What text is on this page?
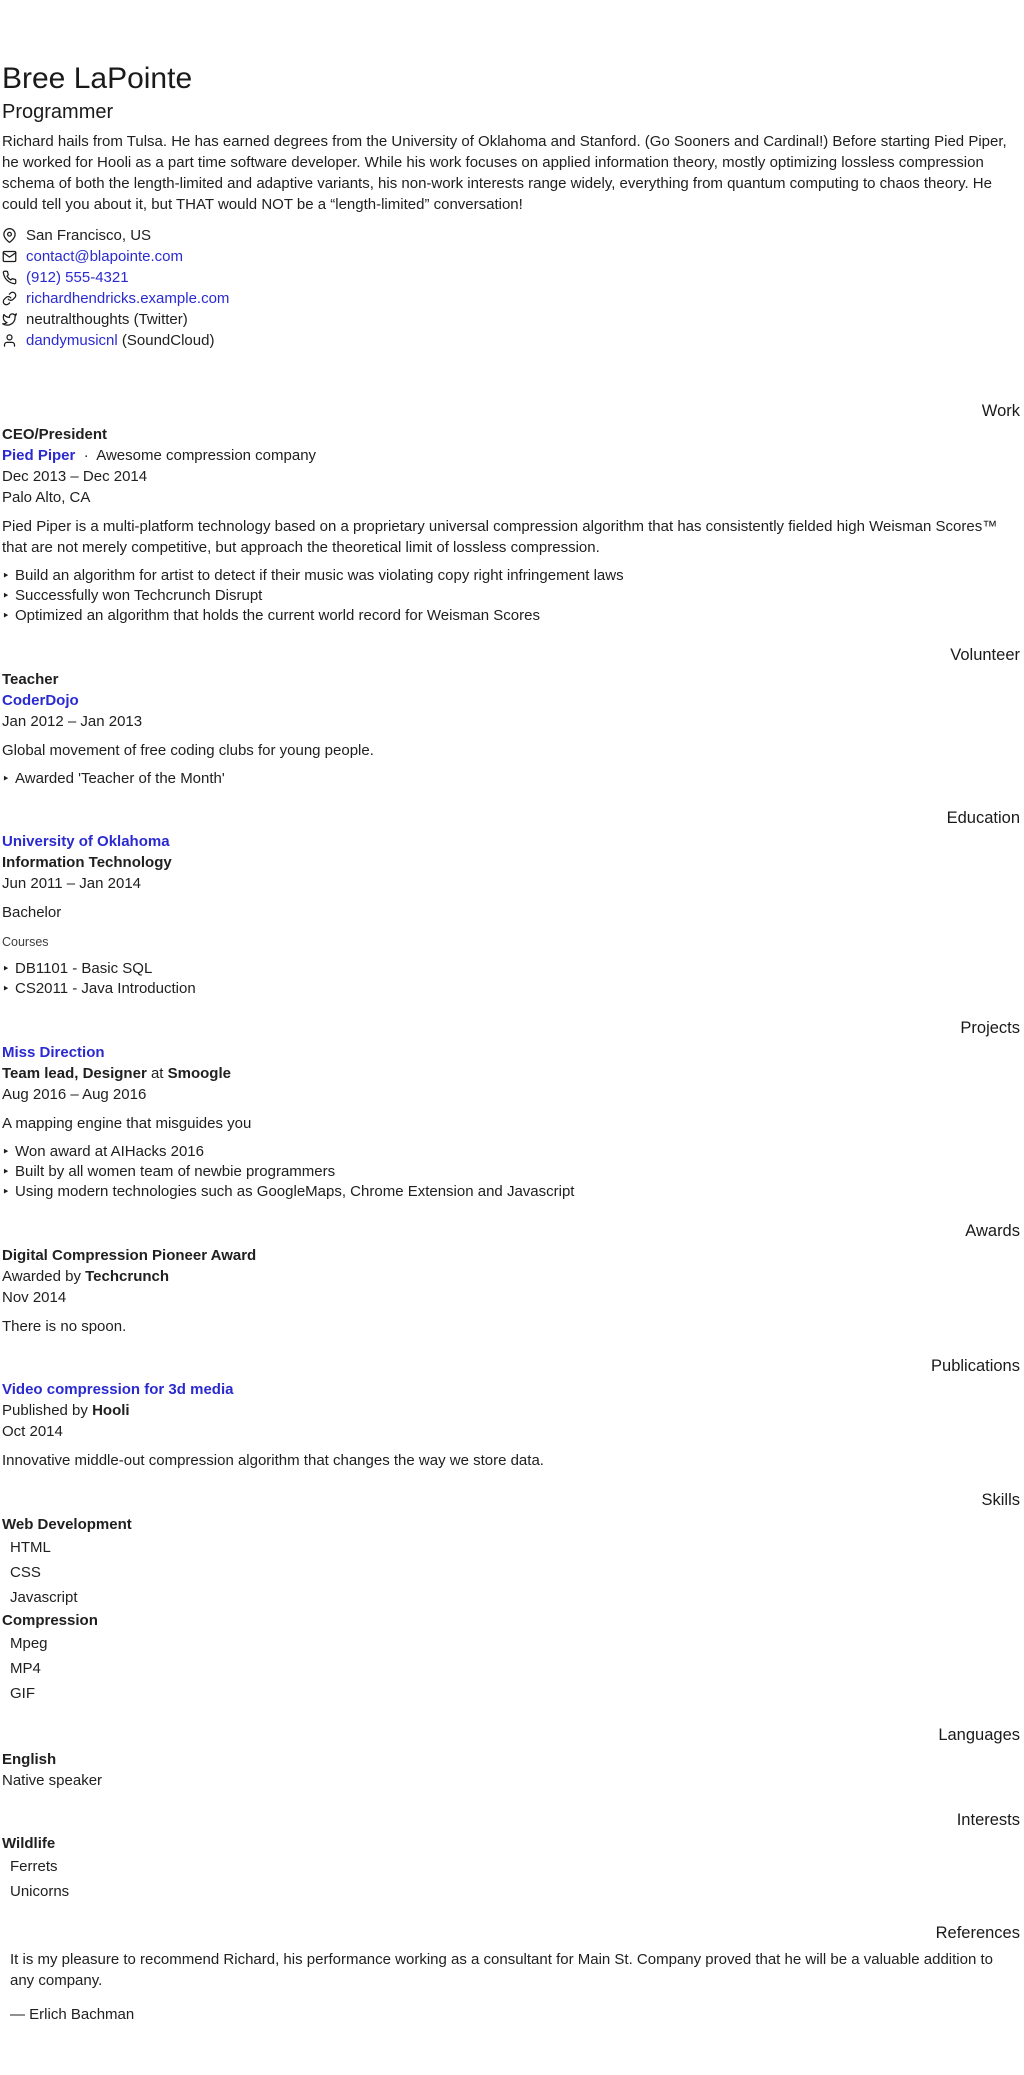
Bree LaPointe
Programmer

Richard hails from Tulsa. He has earned degrees from the University of Oklahoma and Stanford. (Go Sooners and Cardinal!) Before starting Pied Piper, he worked for Hooli as a part time software developer. While his work focuses on applied information theory, mostly optimizing lossless compression schema of both the length-limited and adaptive variants, his non-work interests range widely, everything from quantum computing to chaos theory. He could tell you about it, but THAT would NOT be a “length-limited” conversation!

San Francisco, US
contact@blapointe.com
(912) 555-4321
richardhendricks.example.com
neutralthoughts (Twitter)
dandymusicnl (SoundCloud)
Work
CEO/President
Pied Piper · Awesome compression company
Dec 2013 – Dec 2014
Palo Alto, CA

Pied Piper is a multi-platform technology based on a proprietary universal compression algorithm that has consistently fielded high Weisman Scores™ that are not merely competitive, but approach the theoretical limit of lossless compression.

‣ Build an algorithm for artist to detect if their music was violating copy right infringement laws
‣ Successfully won Techcrunch Disrupt
‣ Optimized an algorithm that holds the current world record for Weisman Scores
Volunteer
Teacher
CoderDojo
Jan 2012 – Jan 2013

Global movement of free coding clubs for young people.

‣ Awarded 'Teacher of the Month'
Education
University of Oklahoma
Information Technology
Jun 2011 – Jan 2014
Bachelor
Courses
‣ DB1101 - Basic SQL
‣ CS2011 - Java Introduction
Projects
Miss Direction
Team lead, Designer at Smoogle
Aug 2016 – Aug 2016

A mapping engine that misguides you

‣ Won award at AIHacks 2016
‣ Built by all women team of newbie programmers
‣ Using modern technologies such as GoogleMaps, Chrome Extension and Javascript
Awards
Digital Compression Pioneer Award
Awarded by Techcrunch
Nov 2014

There is no spoon.

Publications
Video compression for 3d media
Published by Hooli
Oct 2014

Innovative middle-out compression algorithm that changes the way we store data.

Skills
Web Development
HTML
CSS
Javascript
Compression
Mpeg
MP4
GIF
Languages
English
Native speaker
Interests
Wildlife
Ferrets
Unicorns
References
It is my pleasure to recommend Richard, his performance working as a consultant for Main St. Company proved that he will be a valuable addition to any company.

— Erlich Bachman
